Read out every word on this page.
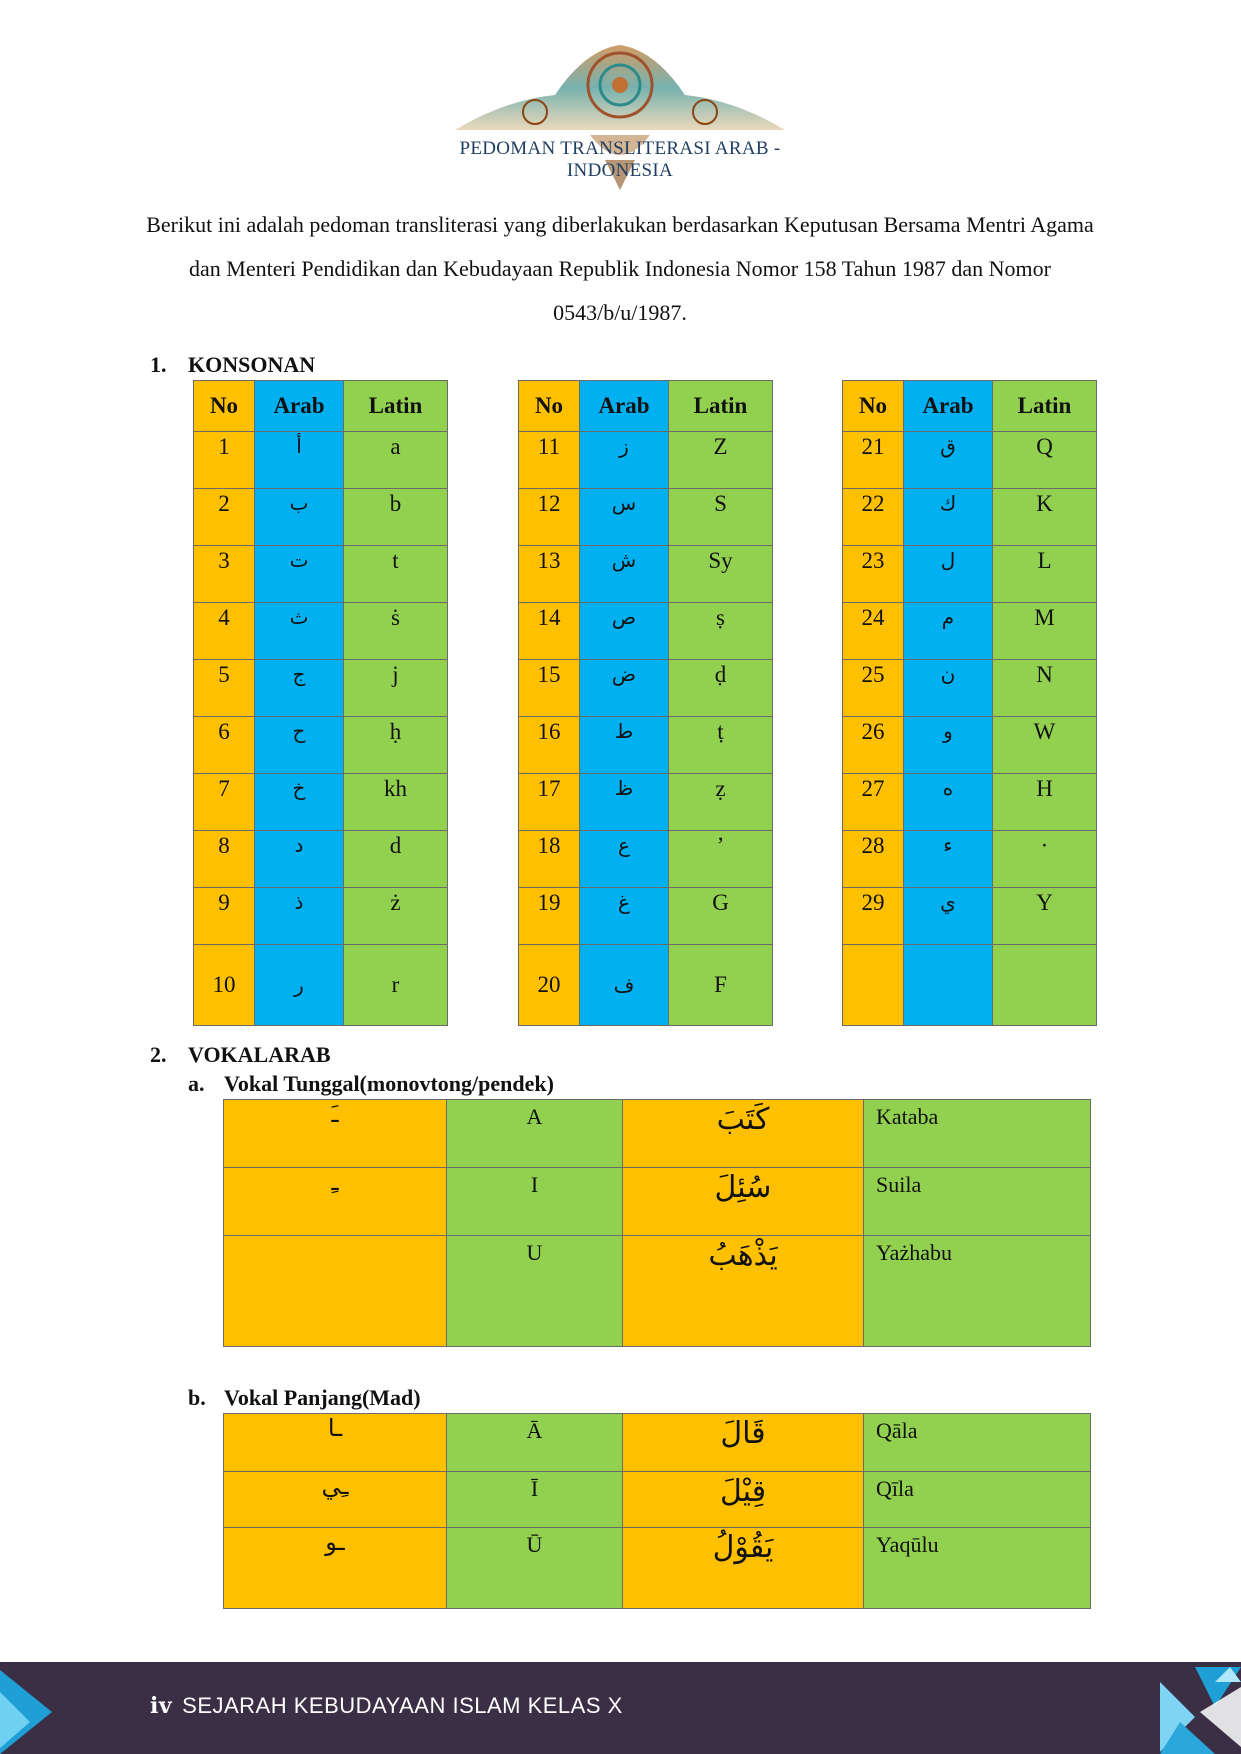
PEDOMAN TRANSLITERASI ARAB - INDONESIA

Berikut ini adalah pedoman transliterasi yang diberlakukan berdasarkan Keputusan Bersama Mentri Agama dan Menteri Pendidikan dan Kebudayaan Republik Indonesia Nomor 158 Tahun 1987 dan Nomor 0543/b/u/1987.

1. KONSONAN
No	Arab	Latin
1	أ	a
2	ب	b
3	ت	t
4	ث	ṡ
5	ج	j
6	ح	ḥ
7	خ	kh
8	د	d
9	ذ	ż
10	ر	r
No	Arab	Latin
11	ز	Z
12	س	S
13	ش	Sy
14	ص	ṣ
15	ض	ḍ
16	ط	ṭ
17	ظ	ẓ
18	ع	’
19	غ	G
20	ف	F
No	Arab	Latin
21	ق	Q
22	ك	K
23	ل	L
24	م	M
25	ن	N
26	و	W
27	ه	H
28	ء	·
29	ي	Y

2. VOKALARAB
a. Vokal Tunggal(monovtong/pendek)
ـَ	A	كَتَبَ	Kataba
ـِ	I	سُئِلَ	Suila
	U	يَذْهَبُ	Yażhabu
b. Vokal Panjang(Mad)
ـا	Ā	قَالَ	Qāla
ـِي	Ī	قِيْلَ	Qīla
ـو	Ū	يَقُوْلُ	Yaqūlu
iv SEJARAH KEBUDAYAAN ISLAM KELAS X
